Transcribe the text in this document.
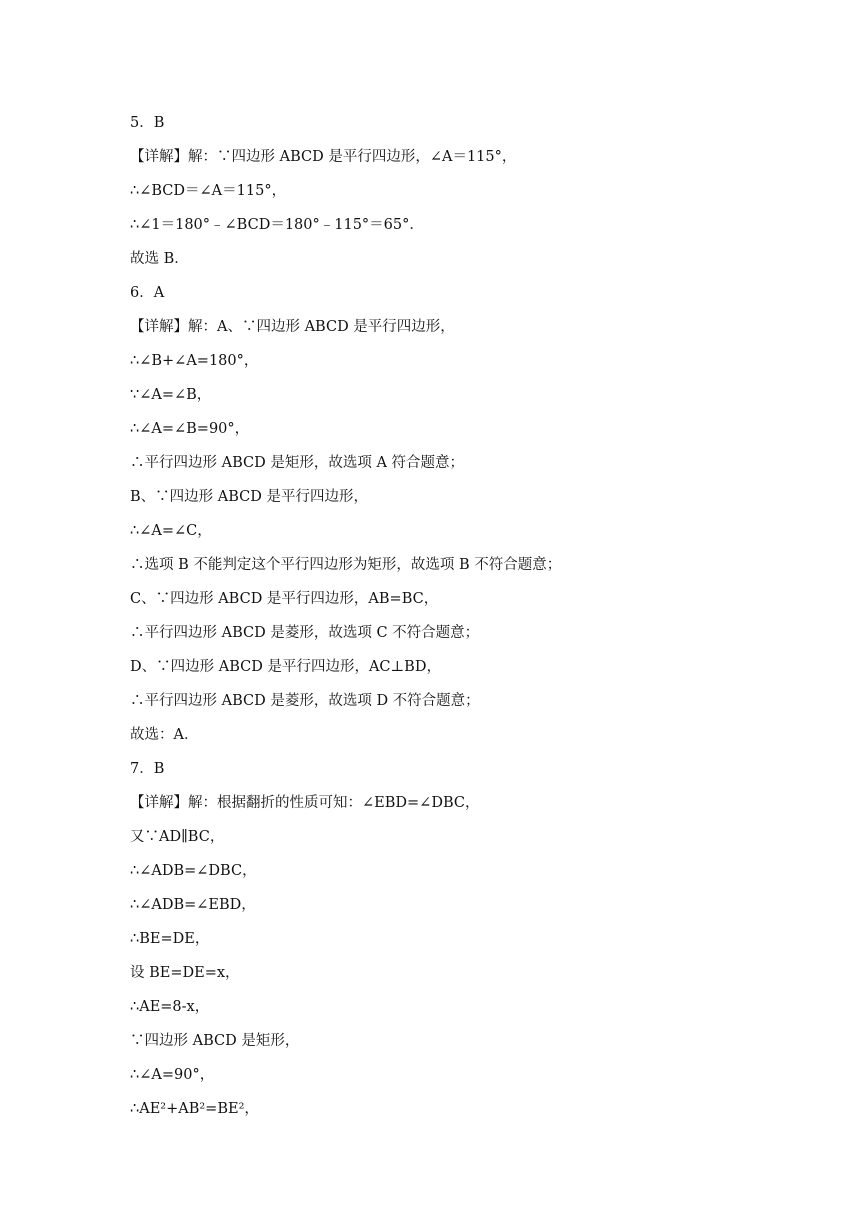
5．B
【详解】解：∵四边形 ABCD 是平行四边形，∠A＝115°，
∴∠BCD＝∠A＝115°，
∴∠1＝180°﹣∠BCD＝180°﹣115°＝65°．
故选 B．
6．A
【详解】解：A、∵四边形 ABCD 是平行四边形，
∴∠B+∠A=180°，
∵∠A=∠B，
∴∠A=∠B=90°，
∴平行四边形 ABCD 是矩形，故选项 A 符合题意；
B、∵四边形 ABCD 是平行四边形，
∴∠A=∠C，
∴选项 B 不能判定这个平行四边形为矩形，故选项 B 不符合题意；
C、∵四边形 ABCD 是平行四边形，AB=BC，
∴平行四边形 ABCD 是菱形，故选项 C 不符合题意；
D、∵四边形 ABCD 是平行四边形，AC⊥BD，
∴平行四边形 ABCD 是菱形，故选项 D 不符合题意；
故选：A．
7．B
【详解】解：根据翻折的性质可知：∠EBD=∠DBC，
又∵AD∥BC，
∴∠ADB=∠DBC，
∴∠ADB=∠EBD，
∴BE=DE，
设 BE=DE=x，
∴AE=8-x，
∵四边形 ABCD 是矩形，
∴∠A=90°，
∴AE²+AB²=BE²，
